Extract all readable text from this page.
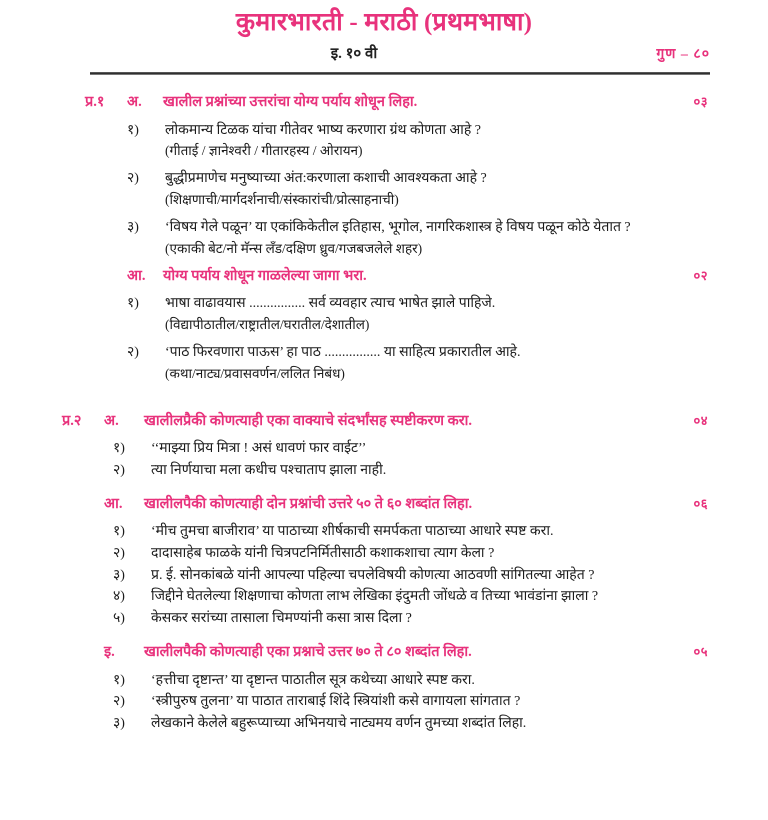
कुमारभारती - मराठी (प्रथमभाषा)
इ. १० वी	गुण – ८०
प्र.१	अ.	खालील प्रश्नांच्या उत्तरांचा योग्य पर्याय शोधून लिहा.	०३
१)	लोकमान्य टिळक यांचा गीतेवर भाष्य करणारा ग्रंथ कोणता आहे ?
(गीताई / ज्ञानेश्वरी / गीतारहस्य / ओरायन)
२)	बुद्धीप्रमाणेच मनुष्याच्या अंत:करणाला कशाची आवश्यकता आहे ?
(शिक्षणाची/मार्गदर्शनाची/संस्कारांची/प्रोत्साहनाची)
३)	‘विषय गेले पळून’ या एकांकिकेतील इतिहास, भूगोल, नागरिकशास्त्र हे विषय पळून कोठे येतात ?
(एकाकी बेट/नो मॅन्स लँड/दक्षिण ध्रुव/गजबजलेले शहर)
आ.	योग्य पर्याय शोधून गाळलेल्या जागा भरा.	०२
१)	भाषा वाढावयास ................ सर्व व्यवहार त्याच भाषेत झाले पाहिजे.
(विद्यापीठातील/राष्ट्रातील/घरातील/देशातील)
२)	‘पाठ फिरवणारा पाऊस’ हा पाठ ................ या साहित्य प्रकारातील आहे.
(कथा/नाट्य/प्रवासवर्णन/ललित निबंध)
प्र.२	अ.	खालीलप्रैकी कोणत्याही एका वाक्याचे संदर्भांसह स्पष्टीकरण करा.	०४
१)	‘‘माझ्या प्रिय मित्रा ! असं धावणं फार वाईट’’
२)	त्या निर्णयाचा मला कधीच पश्चाताप झाला नाही.
आ.	खालीलपैकी कोणत्याही दोन प्रश्नांची उत्तरे ५० ते ६० शब्दांत लिहा.	०६
१)	‘मीच तुमचा बाजीराव’ या पाठाच्या शीर्षकाची समर्पकता पाठाच्या आधारे स्पष्ट करा.
२)	दादासाहेब फाळके यांनी चित्रपटनिर्मितीसाठी कशाकशाचा त्याग केला ?
३)	प्र. ई. सोनकांबळे यांनी आपल्या पहिल्या चपलेविषयी कोणत्या आठवणी सांगितल्या आहेत ?
४)	जिद्दीने घेतलेल्या शिक्षणाचा कोणता लाभ लेखिका इंदुमती जोंधळे व तिच्या भावंडांना झाला ?
५)	केसकर सरांच्या तासाला चिमण्यांनी कसा त्रास दिला ?
इ.	खालीलपैकी कोणत्याही एका प्रश्नाचे उत्तर ७० ते ८० शब्दांत लिहा.	०५
१)	‘हत्तीचा दृष्टान्त’ या दृष्टान्त पाठातील सूत्र कथेच्या आधारे स्पष्ट करा.
२)	‘स्त्रीपुरुष तुलना’ या पाठात ताराबाई शिंदे स्त्रियांशी कसे वागायला सांगतात ?
३)	लेखकाने केलेले बहुरूप्याच्या अभिनयाचे नाट्यमय वर्णन तुमच्या शब्दांत लिहा.
